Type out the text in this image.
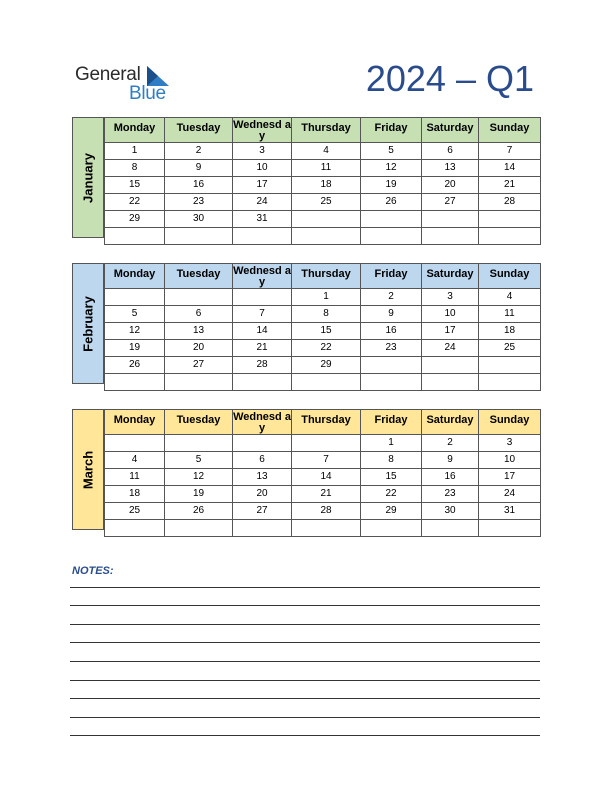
General
Blue	2024 – Q1
January
Monday	Tuesday	Wednesd ay	Thursday	Friday	Saturday	Sunday
1	2	3	4	5	6	7
8	9	10	11	12	13	14
15	16	17	18	19	20	21
22	23	24	25	26	27	28
29	30	31				

February
Monday	Tuesday	Wednesd ay	Thursday	Friday	Saturday	Sunday
			1	2	3	4
5	6	7	8	9	10	11
12	13	14	15	16	17	18
19	20	21	22	23	24	25
26	27	28	29			

March
Monday	Tuesday	Wednesd ay	Thursday	Friday	Saturday	Sunday
				1	2	3
4	5	6	7	8	9	10
11	12	13	14	15	16	17
18	19	20	21	22	23	24
25	26	27	28	29	30	31

NOTES:
